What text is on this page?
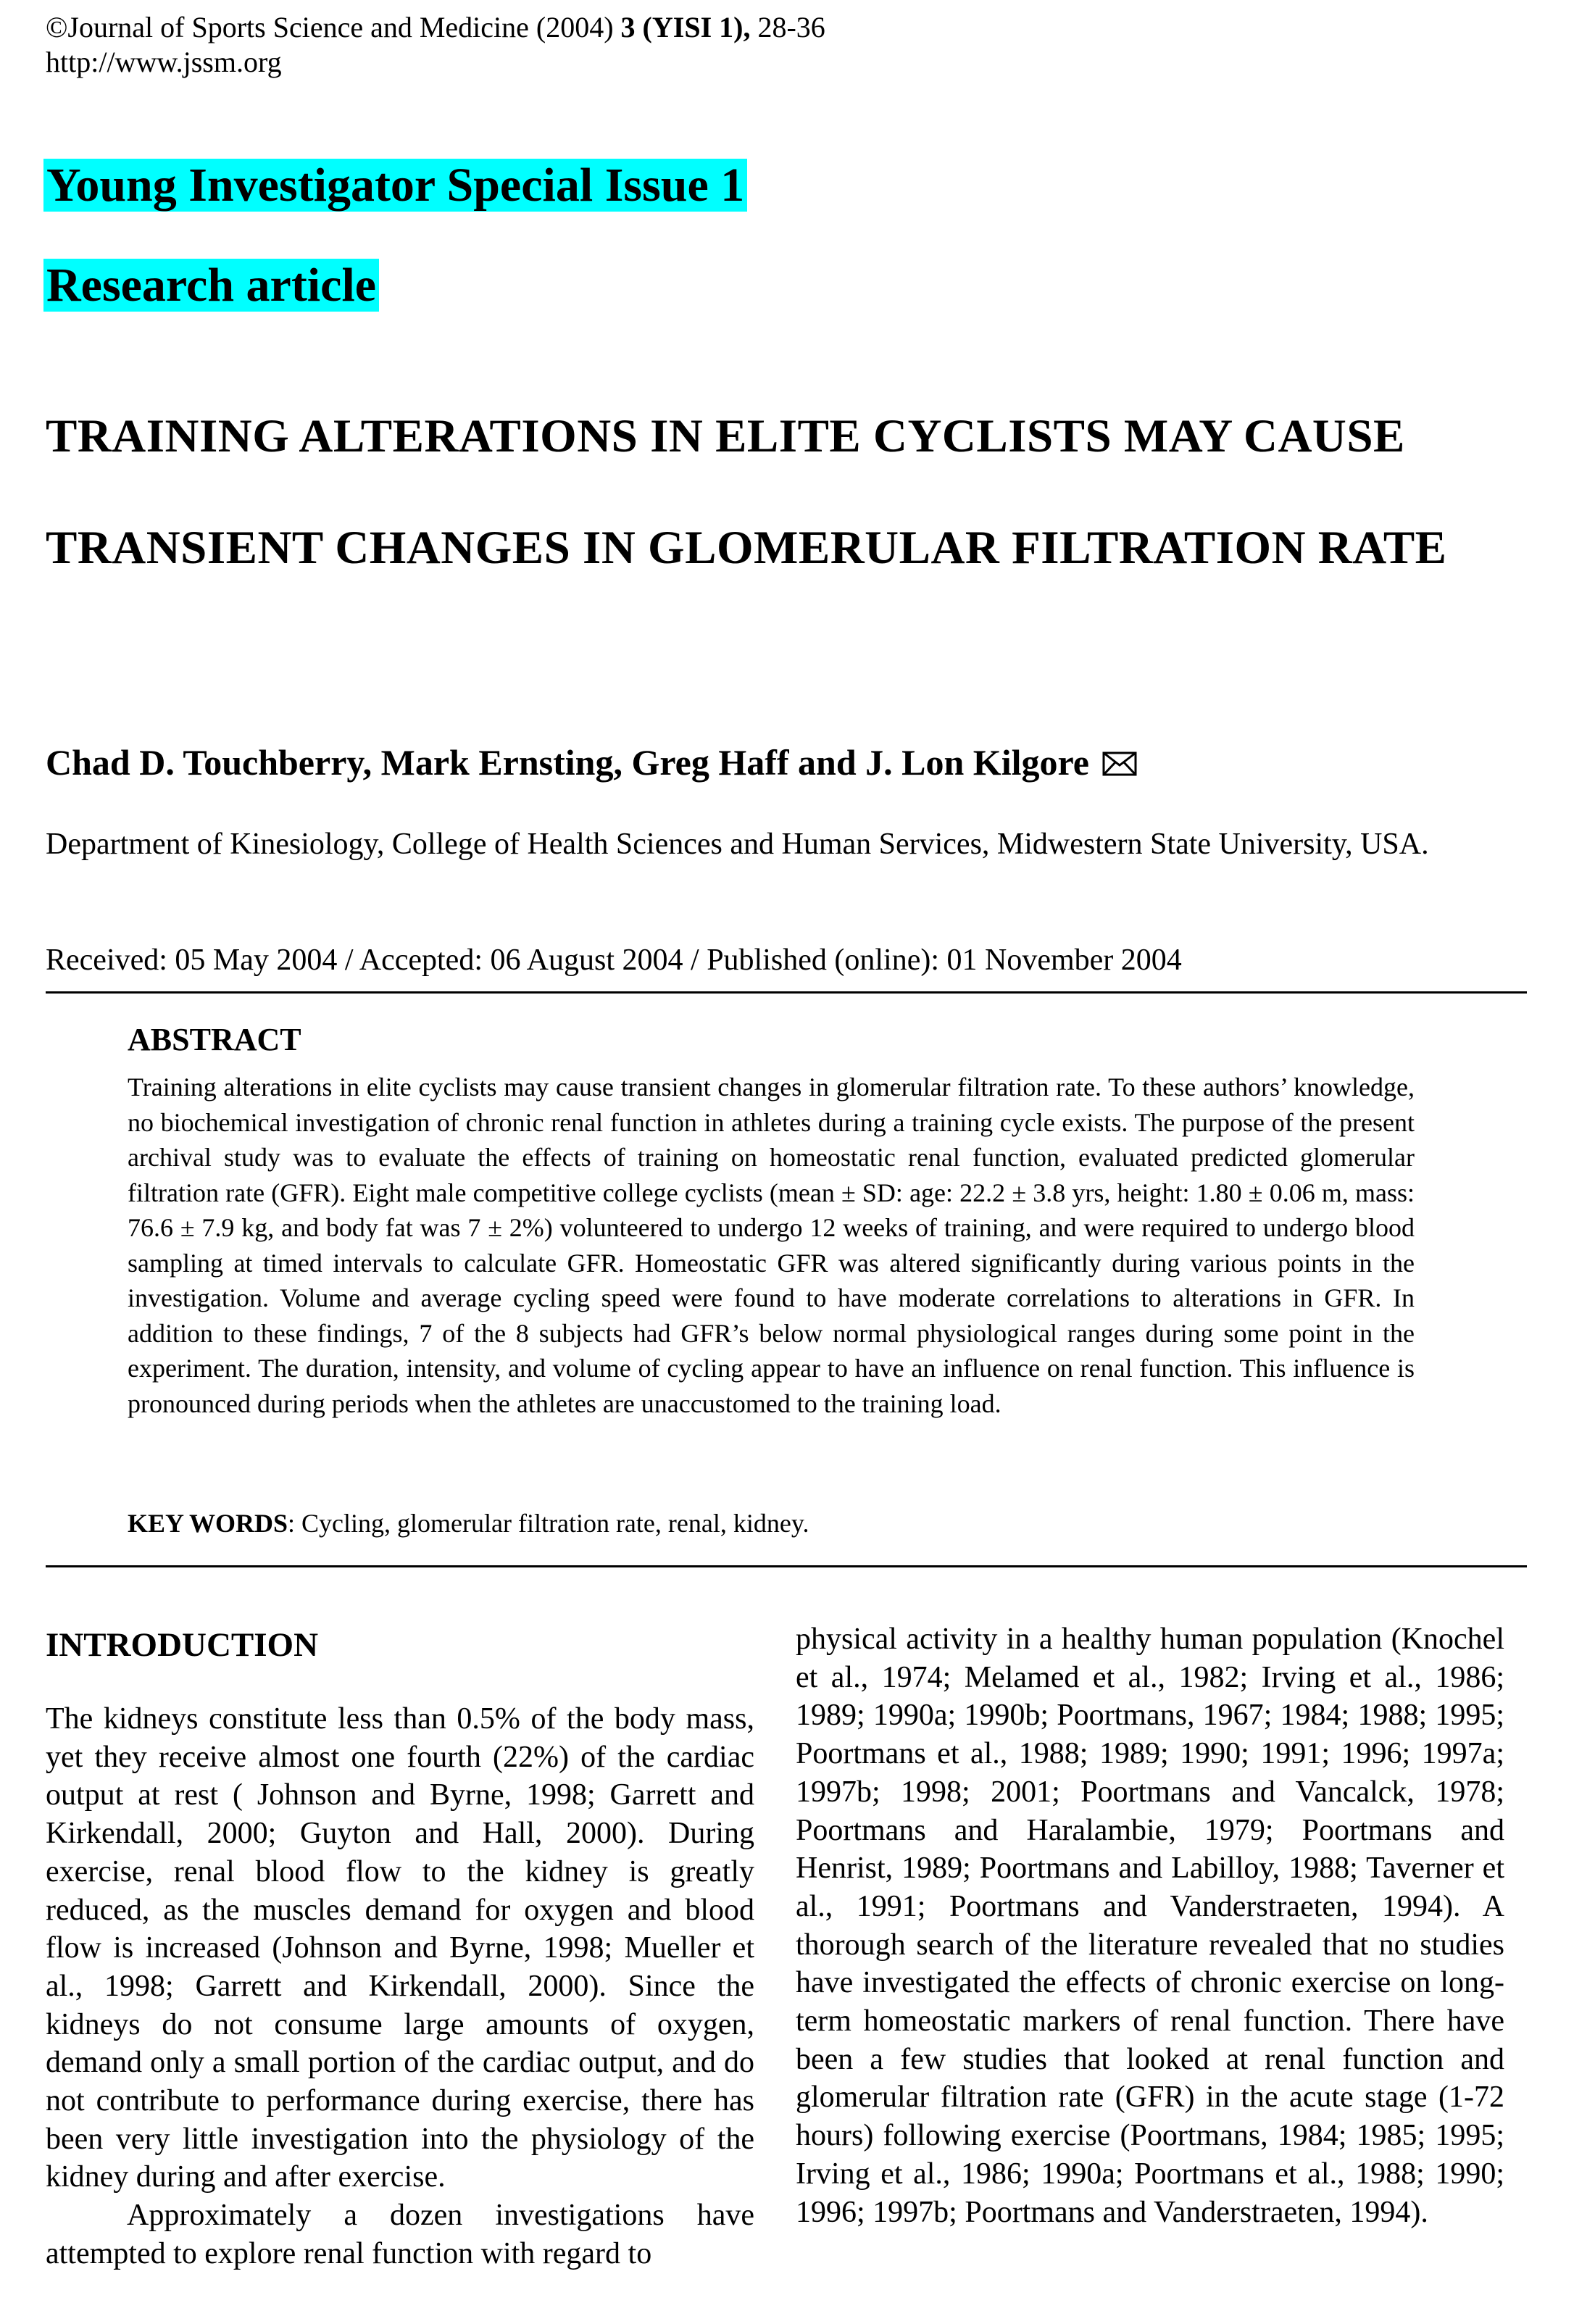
©Journal of Sports Science and Medicine (2004) 3 (YISI 1), 28-36
http://www.jssm.org
Young Investigator Special Issue 1
Research article
TRAINING ALTERATIONS IN ELITE CYCLISTS MAY CAUSE
TRANSIENT CHANGES IN GLOMERULAR FILTRATION RATE
Chad D. Touchberry, Mark Ernsting, Greg Haff and J. Lon Kilgore
Department of Kinesiology, College of Health Sciences and Human Services, Midwestern State University, USA.
Received: 05 May 2004 / Accepted: 06 August 2004 / Published (online): 01 November 2004
ABSTRACT
Training alterations in elite cyclists may cause transient changes in glomerular filtration rate. To these authors’ knowledge, no biochemical investigation of chronic renal function in athletes during a training cycle exists. The purpose of the present archival study was to evaluate the effects of training on homeostatic renal function, evaluated predicted glomerular filtration rate (GFR). Eight male competitive college cyclists (mean ± SD: age: 22.2 ± 3.8 yrs, height: 1.80 ± 0.06 m, mass: 76.6 ± 7.9 kg, and body fat was 7 ± 2%) volunteered to undergo 12 weeks of training, and were required to undergo blood sampling at timed intervals to calculate GFR. Homeostatic GFR was altered significantly during various points in the investigation. Volume and average cycling speed were found to have moderate correlations to alterations in GFR. In addition to these findings, 7 of the 8 subjects had GFR’s below normal physiological ranges during some point in the experiment. The duration, intensity, and volume of cycling appear to have an influence on renal function. This influence is pronounced during periods when the athletes are unaccustomed to the training load.
KEY WORDS: Cycling, glomerular filtration rate, renal, kidney.
INTRODUCTION

The kidneys constitute less than 0.5% of the body mass, yet they receive almost one fourth (22%) of the cardiac output at rest ( Johnson and Byrne, 1998; Garrett and Kirkendall, 2000; Guyton and Hall, 2000). During exercise, renal blood flow to the kidney is greatly reduced, as the muscles demand for oxygen and blood flow is increased (Johnson and Byrne, 1998; Mueller et al., 1998; Garrett and Kirkendall, 2000). Since the kidneys do not consume large amounts of oxygen, demand only a small portion of the cardiac output, and do not contribute to performance during exercise, there has been very little investigation into the physiology of the kidney during and after exercise.

Approximately a dozen investigations have attempted to explore renal function with regard to

physical activity in a healthy human population (Knochel et al., 1974; Melamed et al., 1982; Irving et al., 1986; 1989; 1990a; 1990b; Poortmans, 1967; 1984; 1988; 1995; Poortmans et al., 1988; 1989; 1990; 1991; 1996; 1997a; 1997b; 1998; 2001; Poortmans and Vancalck, 1978; Poortmans and Haralambie, 1979; Poortmans and Henrist, 1989; Poortmans and Labilloy, 1988; Taverner et al., 1991; Poortmans and Vanderstraeten, 1994). A thorough search of the literature revealed that no studies have investigated the effects of chronic exercise on long-term homeostatic markers of renal function. There have been a few studies that looked at renal function and glomerular filtration rate (GFR) in the acute stage (1-72 hours) following exercise (Poortmans, 1984; 1985; 1995; Irving et al., 1986; 1990a; Poortmans et al., 1988; 1990; 1996; 1997b; Poortmans and Vanderstraeten, 1994).
